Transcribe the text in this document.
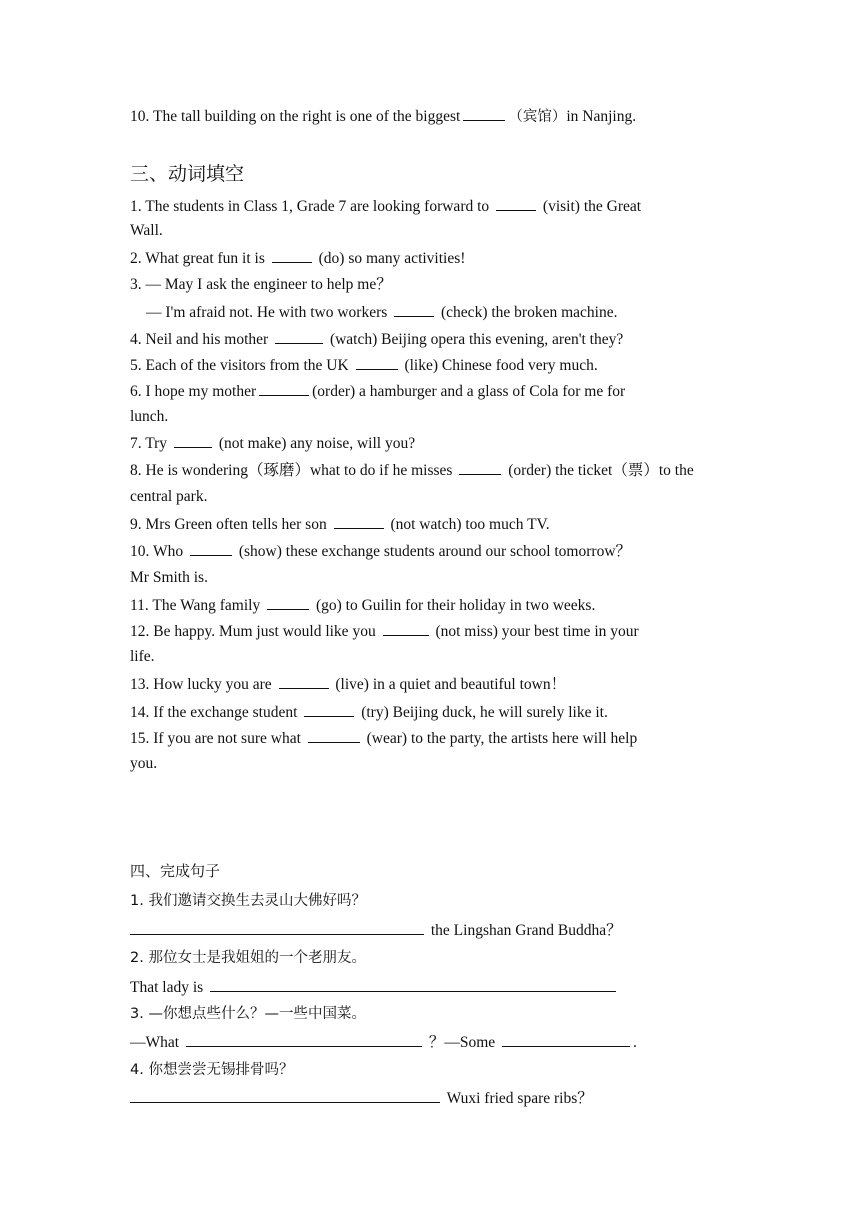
10. The tall building on the right is one of the biggest	（宾馆）in Nanjing.
三、动词填空
1. The students in Class 1, Grade 7 are looking forward to	(visit) the Great
Wall.
2. What great fun it is	(do) so many activities!
3. — May I ask the engineer to help me？
— I'm afraid not. He with two workers	(check) the broken machine.
4. Neil and his mother	(watch) Beijing opera this evening, aren't they?
5. Each of the visitors from the UK	(like) Chinese food very much.
6. I hope my mother	(order) a hamburger and a glass of Cola for me for
lunch.
7. Try	(not make) any noise, will you?
8. He is wondering（琢磨）what to do if he misses	(order) the ticket（票）to the
central park.
9. Mrs Green often tells her son	(not watch) too much TV.
10. Who	(show) these exchange students around our school tomorrow？
Mr Smith is.
11. The Wang family	(go) to Guilin for their holiday in two weeks.
12. Be happy. Mum just would like you	(not miss) your best time in your
life.
13. How lucky you are	(live) in a quiet and beautiful town！
14. If the exchange student	(try) Beijing duck, he will surely like it.
15. If you are not sure what	(wear) to the party, the artists here will help
you.
四、完成句子
1. 我们邀请交换生去灵山大佛好吗？
the Lingshan Grand Buddha？
2. 那位女士是我姐姐的一个老朋友。
That lady is
3. —你想点些什么？—一些中国菜。
—What	？—Some	.
4. 你想尝尝无锡排骨吗？
Wuxi fried spare ribs？
